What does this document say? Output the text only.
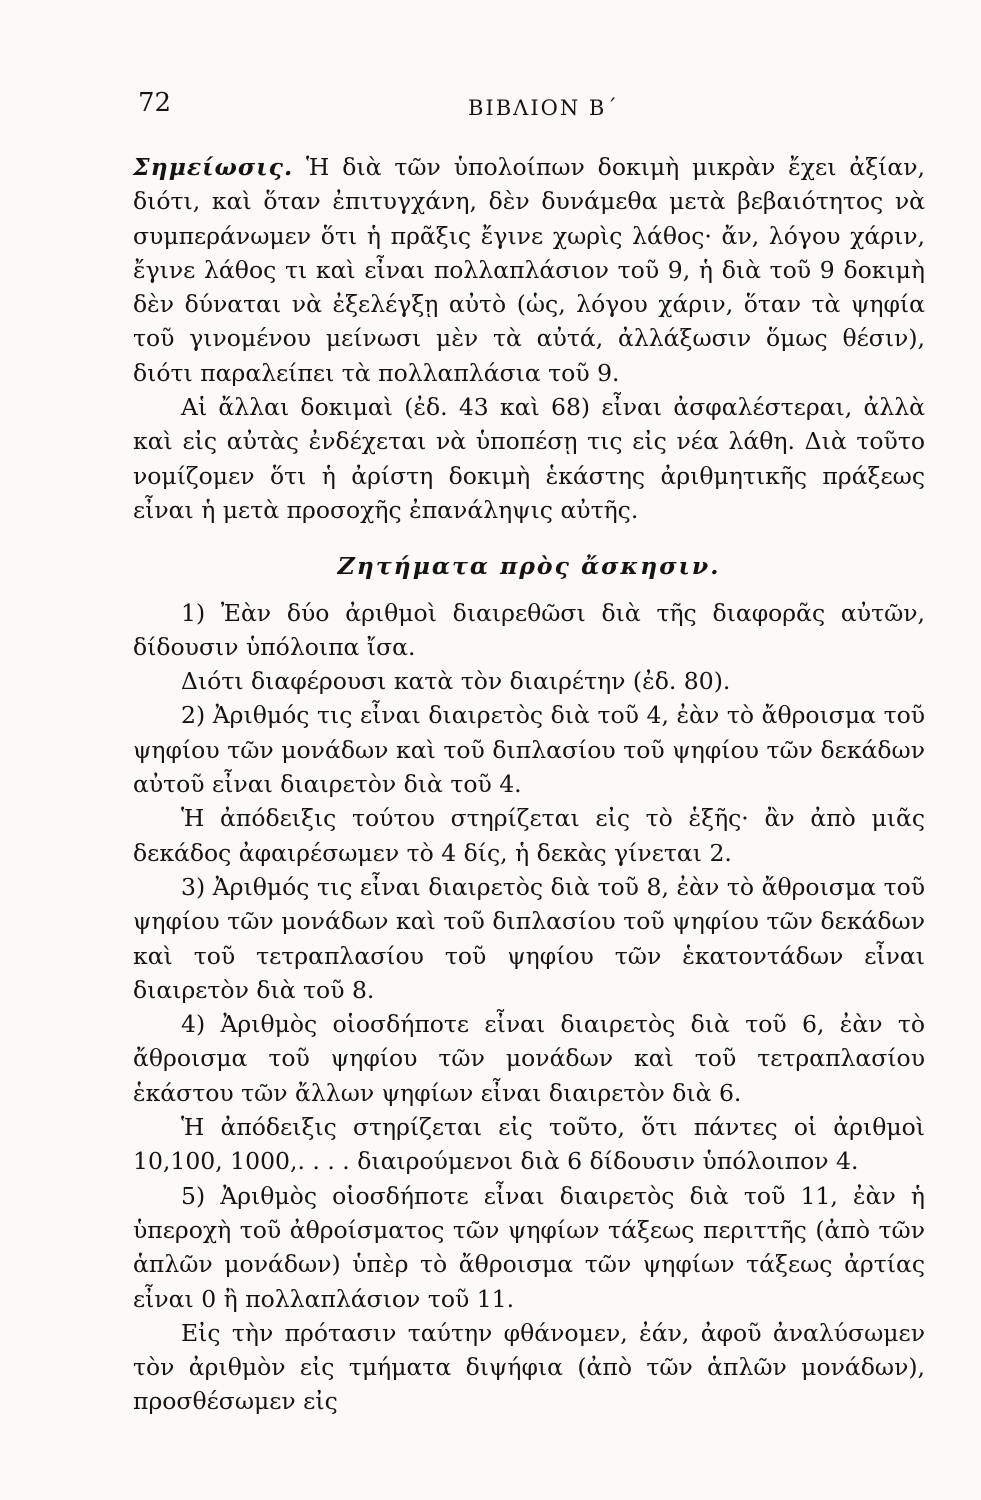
72	ΒΙΒΛΙΟΝ Β΄

Σημείωσις. Ἡ διὰ τῶν ὑπολοίπων δοκιμὴ μικρὰν ἔχει ἀξίαν, διότι, καὶ ὅταν ἐπιτυγχάνη, δὲν δυνάμεθα μετὰ βεβαιότητος νὰ συμπεράνωμεν ὅτι ἡ πρᾶξις ἔγινε χωρὶς λάθος· ἄν, λόγου χάριν, ἔγινε λάθος τι καὶ εἶναι πολλαπλάσιον τοῦ 9, ἡ διὰ τοῦ 9 δοκιμὴ δὲν δύναται νὰ ἐξελέγξῃ αὐτὸ (ὡς, λόγου χάριν, ὅταν τὰ ψηφία τοῦ γινομένου μείνωσι μὲν τὰ αὐτά, ἀλλάξωσιν ὅμως θέσιν), διότι παραλείπει τὰ πολλαπλάσια τοῦ 9.

Αἱ ἄλλαι δοκιμαὶ (ἐδ. 43 καὶ 68) εἶναι ἀσφαλέστεραι, ἀλλὰ καὶ εἰς αὐτὰς ἐνδέχεται νὰ ὑποπέσῃ τις εἰς νέα λάθη. Διὰ τοῦτο νομίζομεν ὅτι ἡ ἀρίστη δοκιμὴ ἑκάστης ἀριθμητικῆς πράξεως εἶναι ἡ μετὰ προσοχῆς ἐπανάληψις αὐτῆς.

Ζητήματα πρὸς ἄσκησιν.

1) Ἐὰν δύο ἀριθμοὶ διαιρεθῶσι διὰ τῆς διαφορᾶς αὐτῶν, δίδουσιν ὑπόλοιπα ἴσα.

Διότι διαφέρουσι κατὰ τὸν διαιρέτην (ἐδ. 80).

2) Ἀριθμός τις εἶναι διαιρετὸς διὰ τοῦ 4, ἐὰν τὸ ἄθροισμα τοῦ ψηφίου τῶν μονάδων καὶ τοῦ διπλασίου τοῦ ψηφίου τῶν δεκάδων αὐτοῦ εἶναι διαιρετὸν διὰ τοῦ 4.

Ἡ ἀπόδειξις τούτου στηρίζεται εἰς τὸ ἑξῆς· ἂν ἀπὸ μιᾶς δεκάδος ἀφαιρέσωμεν τὸ 4 δίς, ἡ δεκὰς γίνεται 2.

3) Ἀριθμός τις εἶναι διαιρετὸς διὰ τοῦ 8, ἐὰν τὸ ἄθροισμα τοῦ ψηφίου τῶν μονάδων καὶ τοῦ διπλασίου τοῦ ψηφίου τῶν δεκάδων καὶ τοῦ τετραπλασίου τοῦ ψηφίου τῶν ἑκατοντάδων εἶναι διαιρετὸν διὰ τοῦ 8.

4) Ἀριθμὸς οἱοσδήποτε εἶναι διαιρετὸς διὰ τοῦ 6, ἐὰν τὸ ἄθροισμα τοῦ ψηφίου τῶν μονάδων καὶ τοῦ τετραπλασίου ἑκάστου τῶν ἄλλων ψηφίων εἶναι διαιρετὸν διὰ 6.

Ἡ ἀπόδειξις στηρίζεται εἰς τοῦτο, ὅτι πάντες οἱ ἀριθμοὶ 10,100, 1000,. . . . διαιρούμενοι διὰ 6 δίδουσιν ὑπόλοιπον 4.

5) Ἀριθμὸς οἱοσδήποτε εἶναι διαιρετὸς διὰ τοῦ 11, ἐὰν ἡ ὑπεροχὴ τοῦ ἀθροίσματος τῶν ψηφίων τάξεως περιττῆς (ἀπὸ τῶν ἁπλῶν μονάδων) ὑπὲρ τὸ ἄθροισμα τῶν ψηφίων τάξεως ἀρτίας εἶναι 0 ἢ πολλαπλάσιον τοῦ 11.

Εἰς τὴν πρότασιν ταύτην φθάνομεν, ἐάν, ἀφοῦ ἀναλύσωμεν τὸν ἀριθμὸν εἰς τμήματα διψήφια (ἀπὸ τῶν ἁπλῶν μονάδων), προσθέσωμεν εἰς
